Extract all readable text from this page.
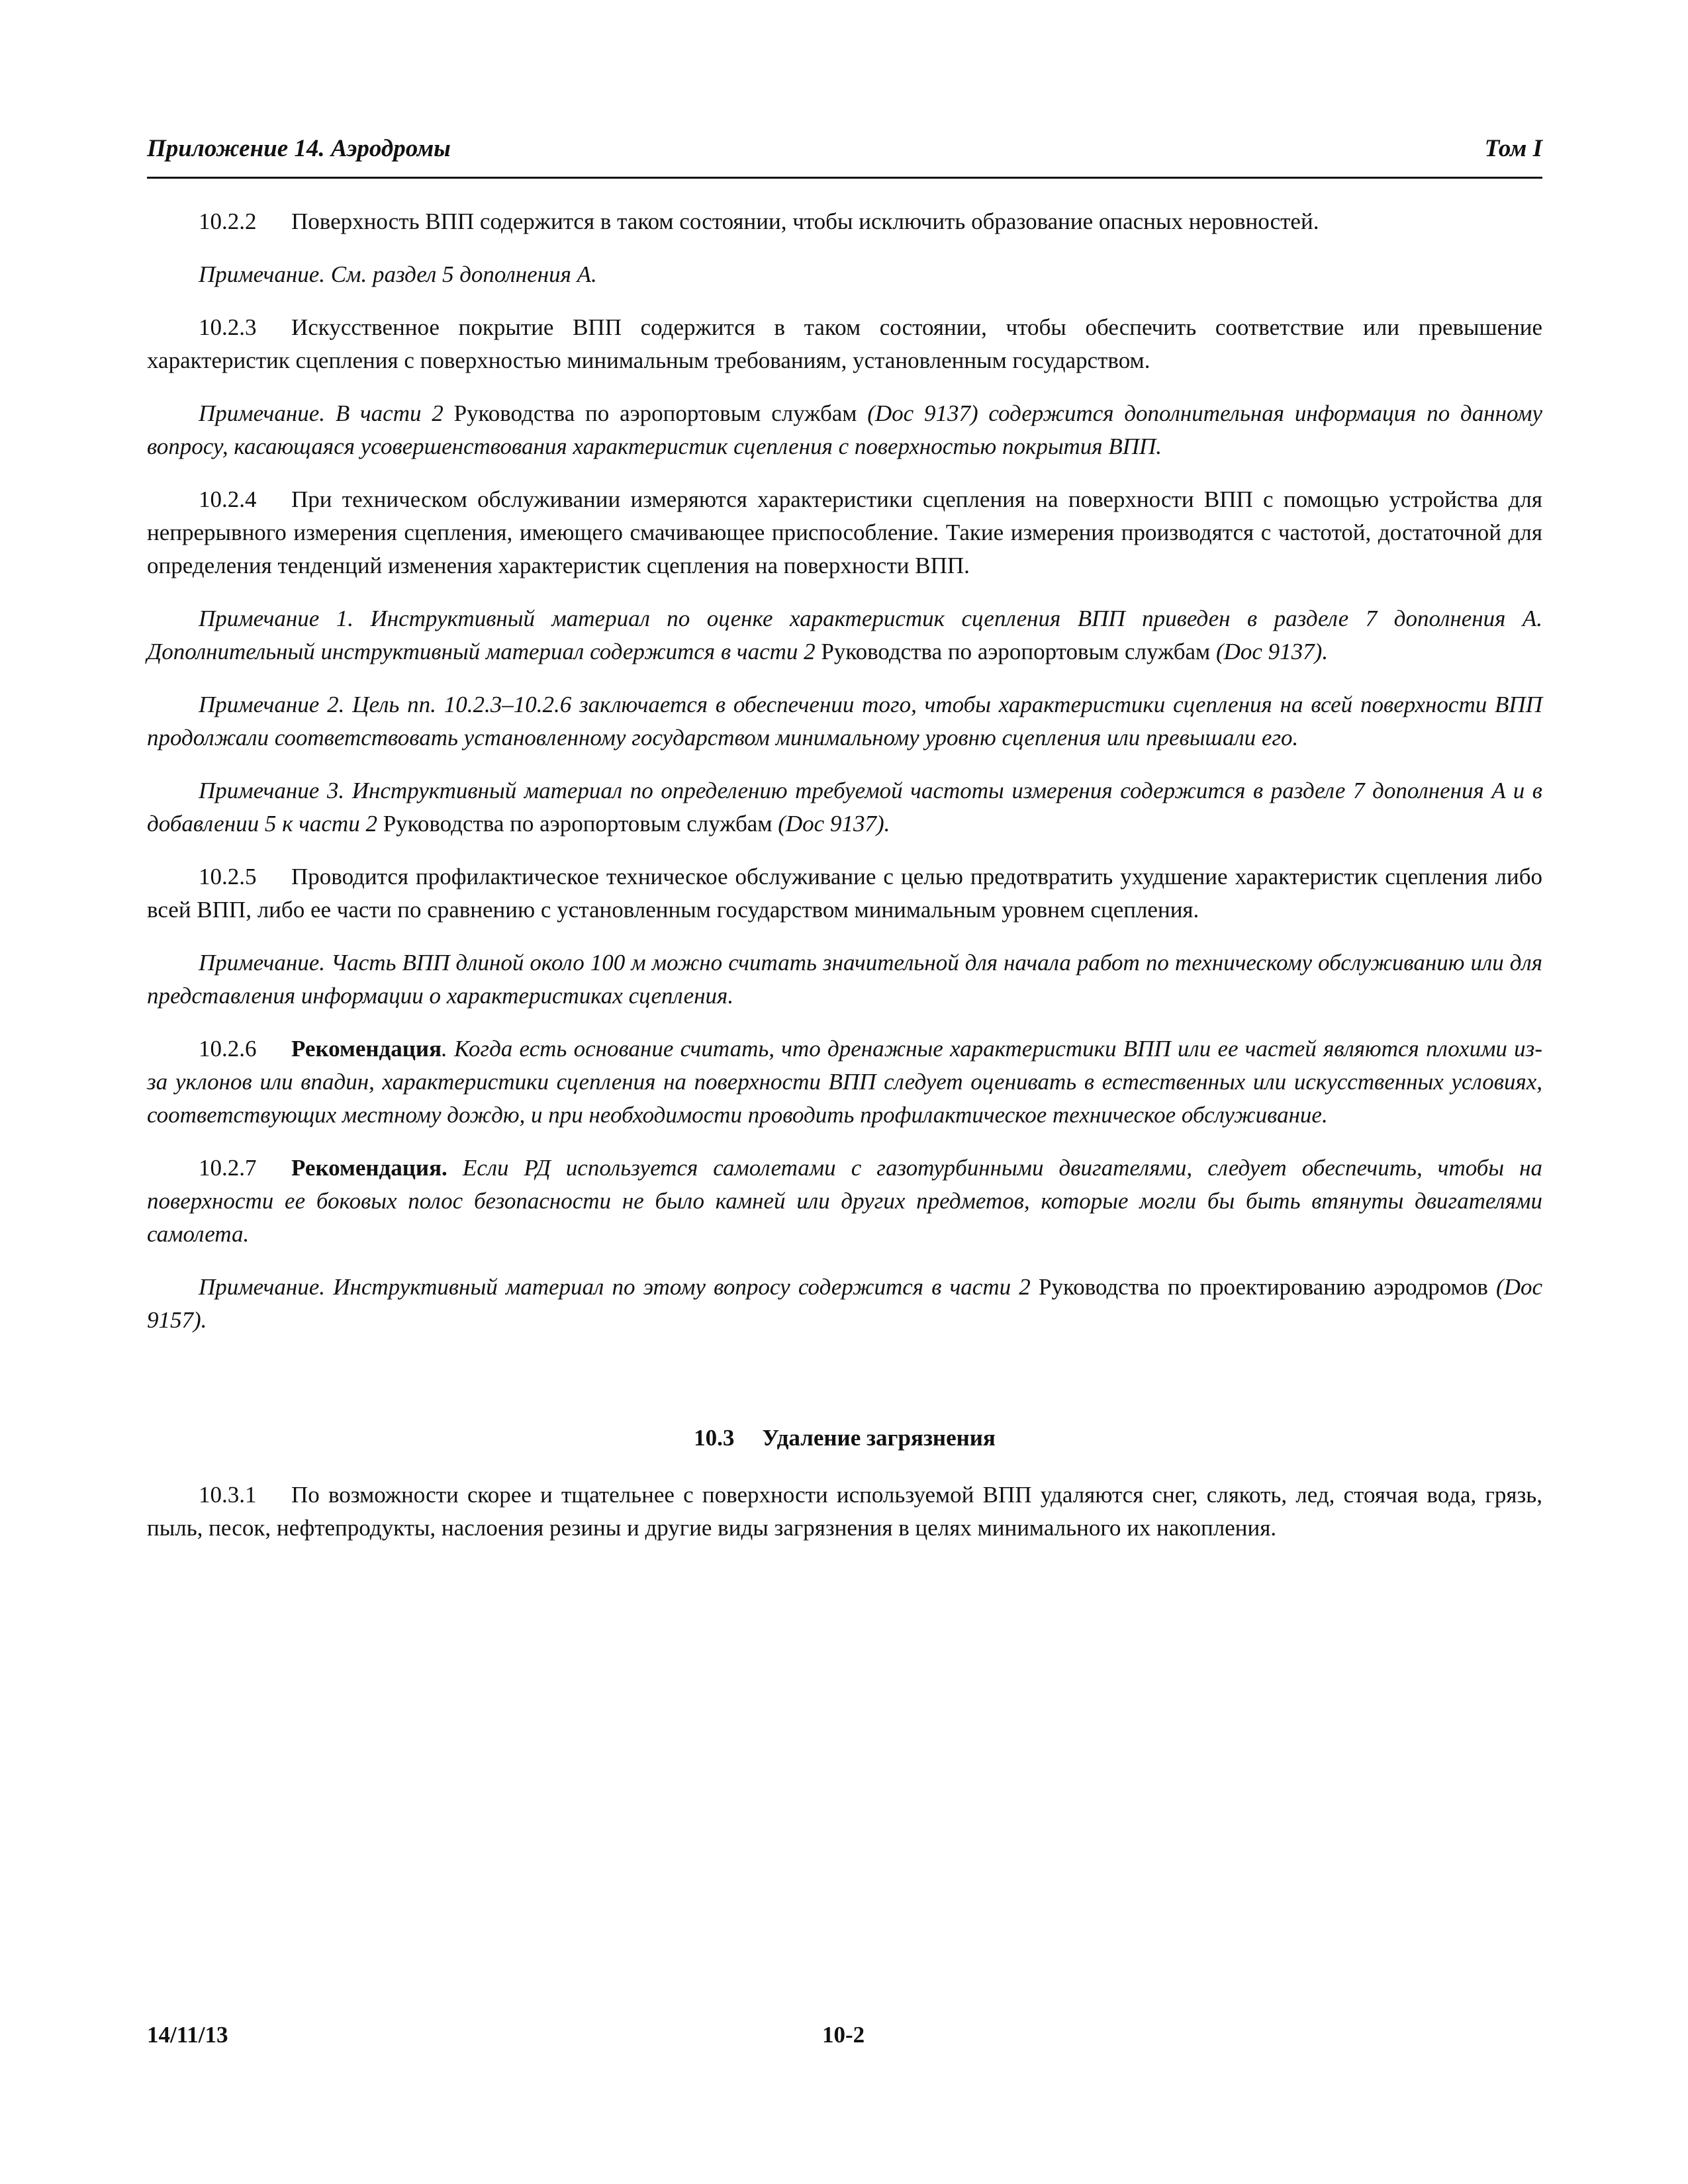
Приложение 14. Аэродромы	Том I

10.2.2 Поверхность ВПП содержится в таком состоянии, чтобы исключить образование опасных неровностей.

Примечание. См. раздел 5 дополнения A.

10.2.3 Искусственное покрытие ВПП содержится в таком состоянии, чтобы обеспечить соответствие или превышение характеристик сцепления с поверхностью минимальным требованиям, установленным государством.

Примечание. В части 2 Руководства по аэропортовым службам (Doc 9137) содержится дополнительная информация по данному вопросу, касающаяся усовершенствования характеристик сцепления с поверхностью покрытия ВПП.

10.2.4 При техническом обслуживании измеряются характеристики сцепления на поверхности ВПП с помощью устройства для непрерывного измерения сцепления, имеющего смачивающее приспособление. Такие измерения производятся с частотой, достаточной для определения тенденций изменения характеристик сцепления на поверхности ВПП.

Примечание 1. Инструктивный материал по оценке характеристик сцепления ВПП приведен в разделе 7 дополнения A. Дополнительный инструктивный материал содержится в части 2 Руководства по аэропортовым службам (Doc 9137).

Примечание 2. Цель пп. 10.2.3–10.2.6 заключается в обеспечении того, чтобы характеристики сцепления на всей поверхности ВПП продолжали соответствовать установленному государством минимальному уровню сцепления или превышали его.

Примечание 3. Инструктивный материал по определению требуемой частоты измерения содержится в разделе 7 дополнения A и в добавлении 5 к части 2 Руководства по аэропортовым службам (Doc 9137).

10.2.5 Проводится профилактическое техническое обслуживание с целью предотвратить ухудшение характеристик сцепления либо всей ВПП, либо ее части по сравнению с установленным государством минимальным уровнем сцепления.

Примечание. Часть ВПП длиной около 100 м можно считать значительной для начала работ по техническому обслуживанию или для представления информации о характеристиках сцепления.

10.2.6 Рекомендация. Когда есть основание считать, что дренажные характеристики ВПП или ее частей являются плохими из-за уклонов или впадин, характеристики сцепления на поверхности ВПП следует оценивать в естественных или искусственных условиях, соответствующих местному дождю, и при необходимости проводить профилактическое техническое обслуживание.

10.2.7 Рекомендация. Если РД используется самолетами с газотурбинными двигателями, следует обеспечить, чтобы на поверхности ее боковых полос безопасности не было камней или других предметов, которые могли бы быть втянуты двигателями самолета.

Примечание. Инструктивный материал по этому вопросу содержится в части 2 Руководства по проектированию аэродромов (Doc 9157).

10.3 Удаление загрязнения

10.3.1 По возможности скорее и тщательнее с поверхности используемой ВПП удаляются снег, слякоть, лед, стоячая вода, грязь, пыль, песок, нефтепродукты, наслоения резины и другие виды загрязнения в целях минимального их накопления.

14/11/13	10-2
